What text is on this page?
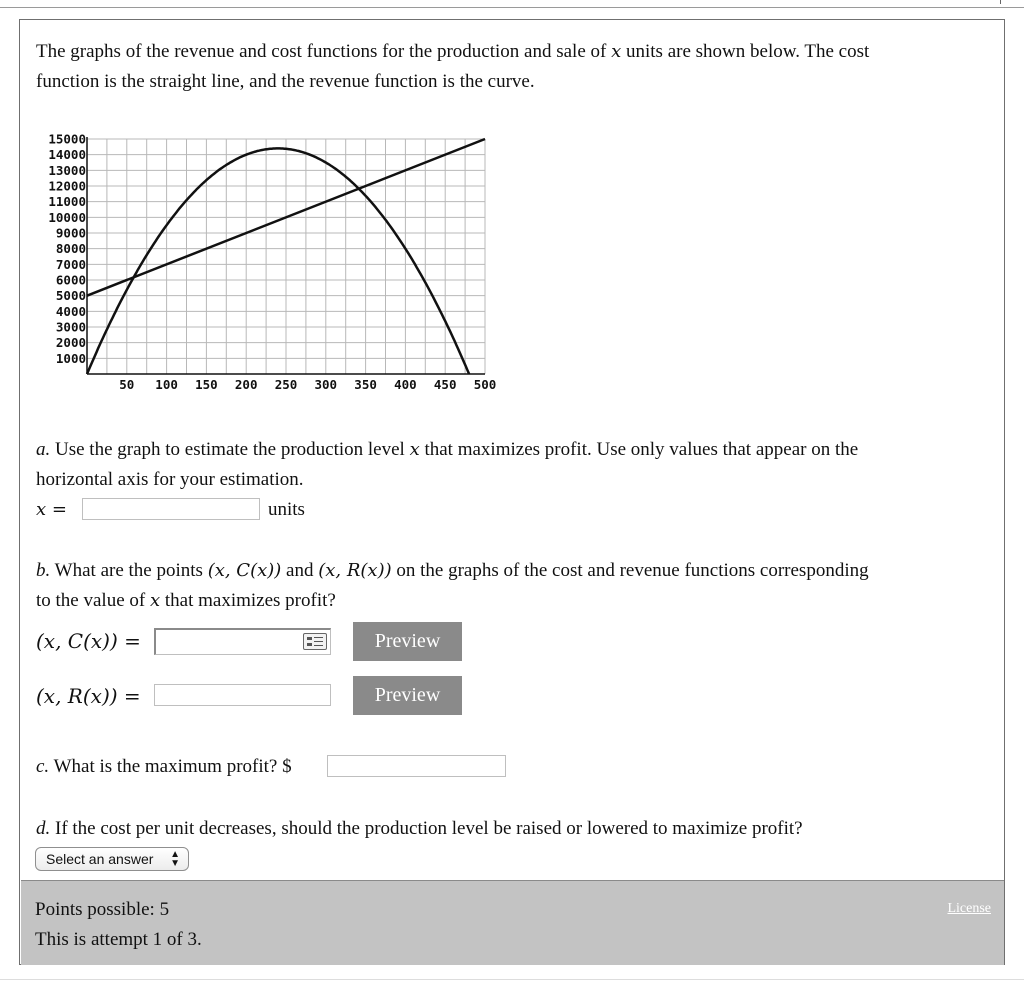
The graphs of the revenue and cost functions for the production and sale of x units are shown below. The cost

function is the straight line, and the revenue function is the curve.

1000
2000
3000
4000
5000
6000
7000
8000
9000
10000
11000
12000
13000
14000
15000
50 100 150 200 250 300 350 400 450 500

a. Use the graph to estimate the production level x that maximizes profit. Use only values that appear on the

horizontal axis for your estimation.

x =	units

b. What are the points (x, C(x)) and (x, R(x)) on the graphs of the cost and revenue functions corresponding

to the value of x that maximizes profit?

(x, C(x)) =	Preview

(x, R(x)) =	Preview

c. What is the maximum profit? $

d. If the cost per unit decreases, should the production level be raised or lowered to maximize profit?

Select an answer ▲
▼
Points possible: 5
This is attempt 1 of 3.
License
